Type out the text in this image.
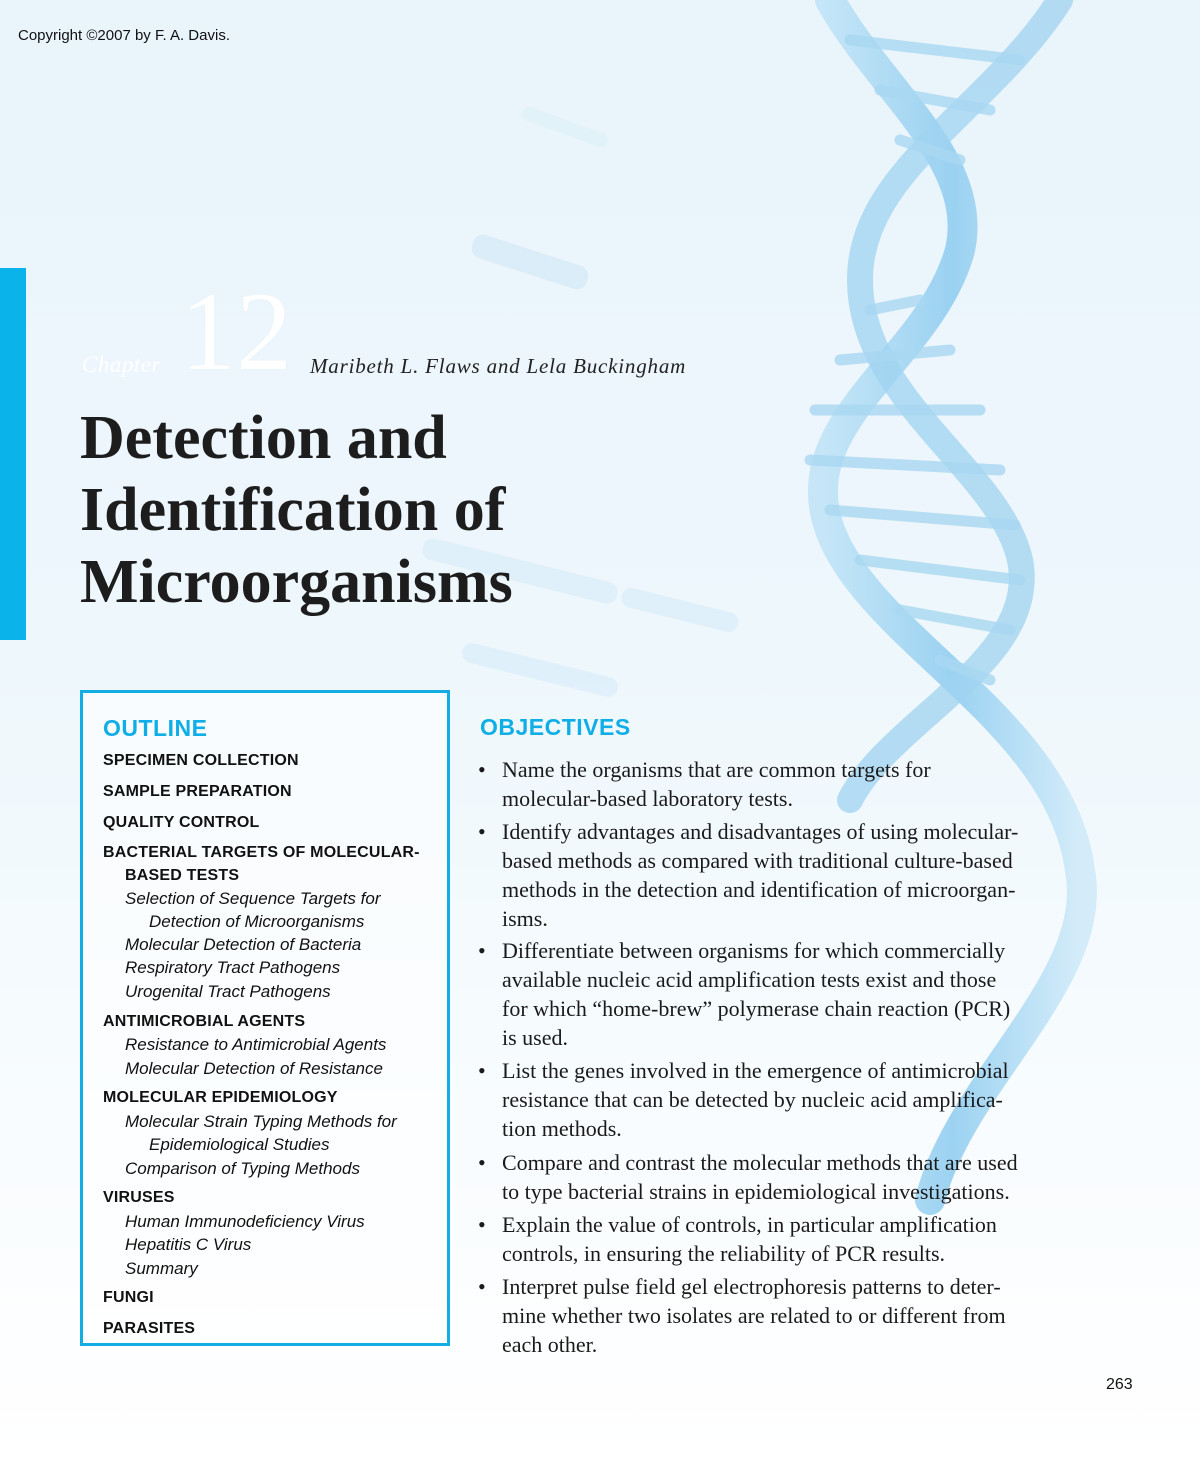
Copyright ©2007 by F. A. Davis.
Chapter 12 Maribeth L. Flaws and Lela Buckingham
Detection and
Identification of
Microorganisms
OUTLINE
SPECIMEN COLLECTION
SAMPLE PREPARATION
QUALITY CONTROL
BACTERIAL TARGETS OF MOLECULAR-
BASED TESTS
Selection of Sequence Targets for
Detection of Microorganisms
Molecular Detection of Bacteria
Respiratory Tract Pathogens
Urogenital Tract Pathogens
ANTIMICROBIAL AGENTS
Resistance to Antimicrobial Agents
Molecular Detection of Resistance
MOLECULAR EPIDEMIOLOGY
Molecular Strain Typing Methods for
Epidemiological Studies
Comparison of Typing Methods
VIRUSES
Human Immunodeficiency Virus
Hepatitis C Virus
Summary
FUNGI
PARASITES
OBJECTIVES
• Name the organisms that are common targets for
molecular-based laboratory tests.
• Identify advantages and disadvantages of using molecular-
based methods as compared with traditional culture-based
methods in the detection and identification of microorgan-
isms.
• Differentiate between organisms for which commercially
available nucleic acid amplification tests exist and those
for which “home-brew” polymerase chain reaction (PCR)
is used.
• List the genes involved in the emergence of antimicrobial
resistance that can be detected by nucleic acid amplifica-
tion methods.
• Compare and contrast the molecular methods that are used
to type bacterial strains in epidemiological investigations.
• Explain the value of controls, in particular amplification
controls, in ensuring the reliability of PCR results.
• Interpret pulse field gel electrophoresis patterns to deter-
mine whether two isolates are related to or different from
each other.
263
